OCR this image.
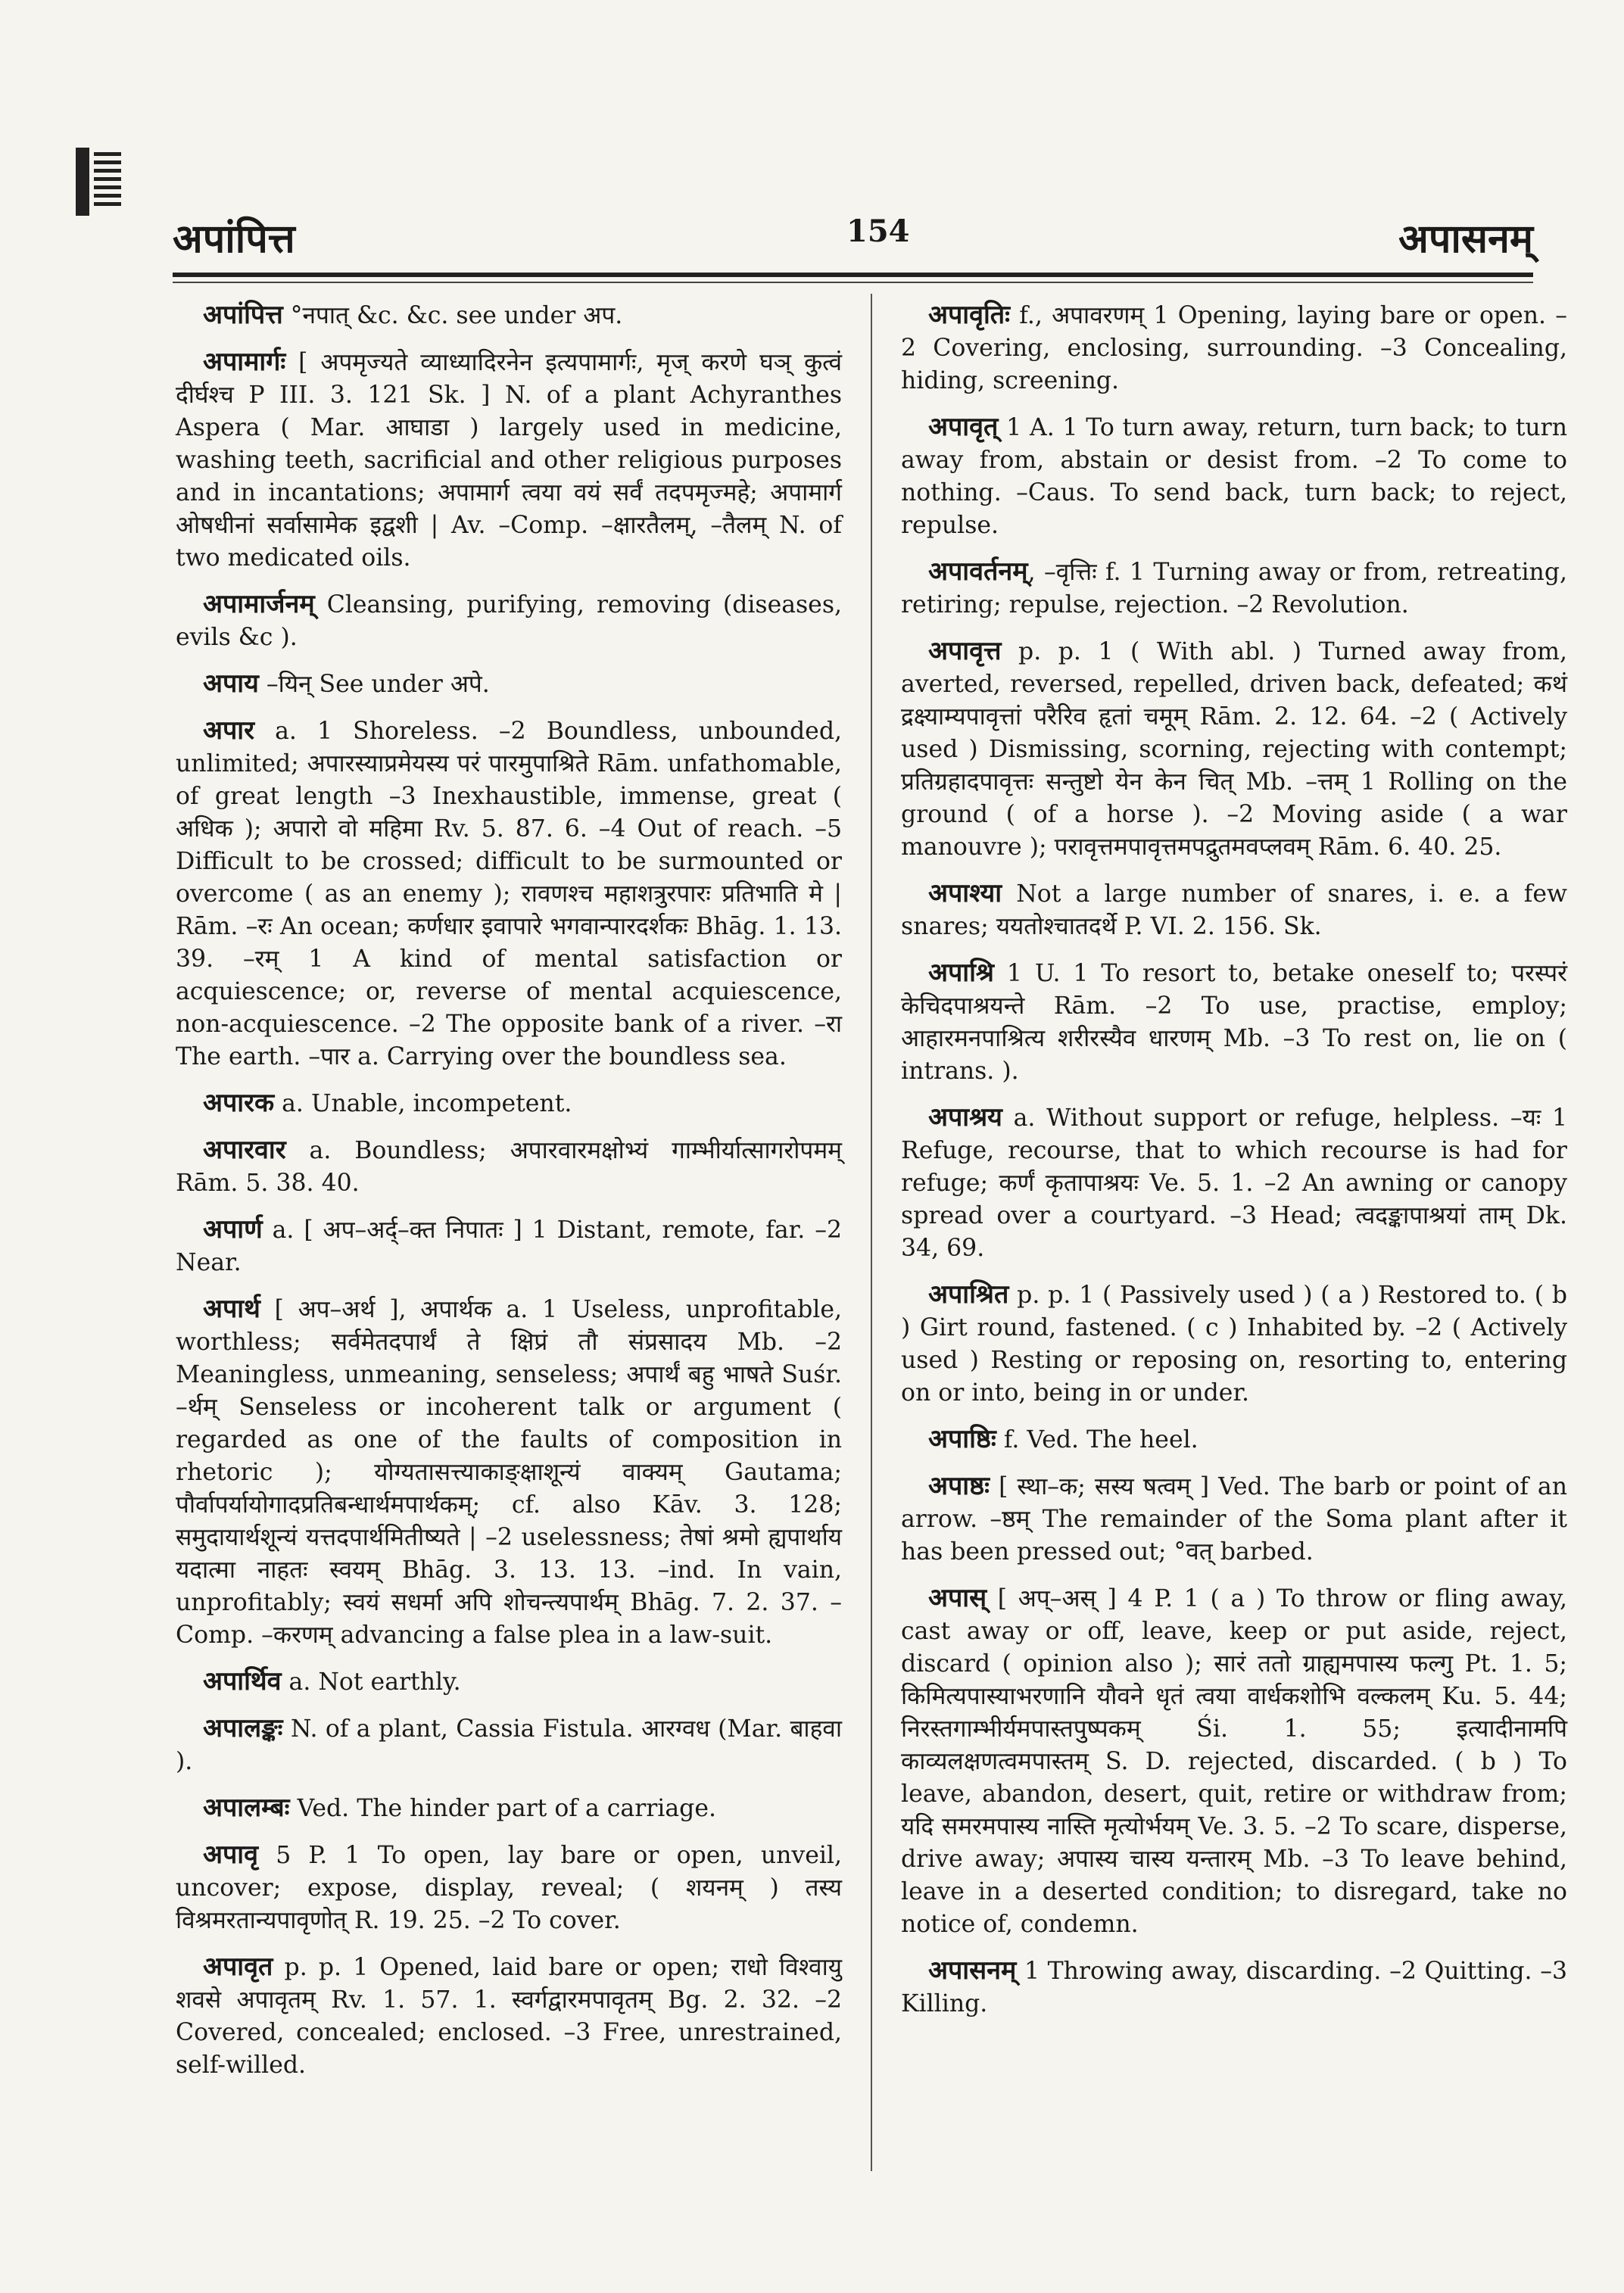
अपांपित्त	154	अपासनम्

अपांपित्त °नपात् &c. &c. see under अप.

अपामार्गः [ अपमृज्यते व्याध्यादिरनेन इत्यपामार्गः, मृज् करणे घञ् कुत्वं दीर्घश्च P III. 3. 121 Sk. ] N. of a plant Achyranthes Aspera ( Mar. आघाडा ) largely used in medicine, washing teeth, sacrificial and other religious purposes and in incantations; अपामार्ग त्वया वयं सर्वं तदपमृज्महे; अपामार्ग ओषधीनां सर्वासामेक इद्वशी | Av. –Comp. –क्षारतैलम्, –तैलम् N. of two medicated oils.

अपामार्जनम् Cleansing, purifying, removing (diseases, evils &c ).

अपाय –यिन् See under अपे.

अपार a. 1 Shoreless. –2 Boundless, unbounded, unlimited; अपारस्याप्रमेयस्य परं पारमुपाश्रिते Rām. unfathomable, of great length –3 Inexhaustible, immense, great ( अधिक ); अपारो वो महिमा Rv. 5. 87. 6. –4 Out of reach. –5 Difficult to be crossed; difficult to be surmounted or overcome ( as an enemy ); रावणश्च महाशत्रुरपारः प्रतिभाति मे | Rām. –रः An ocean; कर्णधार इवापारे भगवान्पारदर्शकः Bhāg. 1. 13. 39. –रम् 1 A kind of mental satisfaction or acquiescence; or, reverse of mental acquiescence, non-acquiescence. –2 The opposite bank of a river. –रा The earth. –पार a. Carrying over the boundless sea.

अपारक a. Unable, incompetent.

अपारवार a. Boundless; अपारवारमक्षोभ्यं गाम्भीर्यात्सागरोपमम् Rām. 5. 38. 40.

अपार्ण a. [ अप–अर्द्–क्त निपातः ] 1 Distant, remote, far. –2 Near.

अपार्थ [ अप–अर्थ ], अपार्थक a. 1 Useless, unprofitable, worthless; सर्वमेतदपार्थं ते क्षिप्रं तौ संप्रसादय Mb. –2 Meaningless, unmeaning, senseless; अपार्थं बहु भाषते Suśr. –र्थम् Senseless or incoherent talk or argument ( regarded as one of the faults of composition in rhetoric ); योग्यतासत्त्याकाङ्क्षाशून्यं वाक्यम् Gautama; पौर्वापर्यायोगादप्रतिबन्धार्थमपार्थकम्; cf. also Kāv. 3. 128; समुदायार्थशून्यं यत्तदपार्थमितीष्यते | –2 uselessness; तेषां श्रमो ह्यपार्थाय यदात्मा नाहतः स्वयम् Bhāg. 3. 13. 13. –ind. In vain, unprofitably; स्वयं सधर्मा अपि शोचन्त्यपार्थम् Bhāg. 7. 2. 37. –Comp. –करणम् advancing a false plea in a law-suit.

अपार्थिव a. Not earthly.

अपालङ्कः N. of a plant, Cassia Fistula. आरग्वध (Mar. बाहवा ).

अपालम्बः Ved. The hinder part of a carriage.

अपावृ 5 P. 1 To open, lay bare or open, unveil, uncover; expose, display, reveal; ( शयनम् ) तस्य विश्रमरतान्यपावृणोत् R. 19. 25. –2 To cover.

अपावृत p. p. 1 Opened, laid bare or open; राधो विश्वायु शवसे अपावृतम् Rv. 1. 57. 1. स्वर्गद्वारमपावृतम् Bg. 2. 32. –2 Covered, concealed; enclosed. –3 Free, unrestrained, self-willed.

अपावृतिः f., अपावरणम् 1 Opening, laying bare or open. –2 Covering, enclosing, surrounding. –3 Concealing, hiding, screening.

अपावृत् 1 A. 1 To turn away, return, turn back; to turn away from, abstain or desist from. –2 To come to nothing. –Caus. To send back, turn back; to reject, repulse.

अपावर्तनम्, –वृत्तिः f. 1 Turning away or from, retreating, retiring; repulse, rejection. –2 Revolution.

अपावृत्त p. p. 1 ( With abl. ) Turned away from, averted, reversed, repelled, driven back, defeated; कथं द्रक्ष्याम्यपावृत्तां परैरिव हृतां चमूम् Rām. 2. 12. 64. –2 ( Actively used ) Dismissing, scorning, rejecting with contempt; प्रतिग्रहादपावृत्तः सन्तुष्टो येन केन चित् Mb. –त्तम् 1 Rolling on the ground ( of a horse ). –2 Moving aside ( a war manouvre ); परावृत्तमपावृत्तमपद्रुतमवप्लवम् Rām. 6. 40. 25.

अपाश्या Not a large number of snares, i. e. a few snares; ययतोश्चातदर्थे P. VI. 2. 156. Sk.

अपाश्रि 1 U. 1 To resort to, betake oneself to; परस्परं केचिदपाश्रयन्ते Rām. –2 To use, practise, employ; आहारमनपाश्रित्य शरीरस्यैव धारणम् Mb. –3 To rest on, lie on ( intrans. ).

अपाश्रय a. Without support or refuge, helpless. –यः 1 Refuge, recourse, that to which recourse is had for refuge; कर्णं कृतापाश्रयः Ve. 5. 1. –2 An awning or canopy spread over a courtyard. –3 Head; त्वदङ्कापाश्रयां ताम् Dk. 34, 69.

अपाश्रित p. p. 1 ( Passively used ) ( a ) Restored to. ( b ) Girt round, fastened. ( c ) Inhabited by. –2 ( Actively used ) Resting or reposing on, resorting to, entering on or into, being in or under.

अपाष्ठिः f. Ved. The heel.

अपाष्ठः [ स्था–क; सस्य षत्वम् ] Ved. The barb or point of an arrow. –ष्ठम् The remainder of the Soma plant after it has been pressed out; °वत् barbed.

अपास् [ अप्–अस् ] 4 P. 1 ( a ) To throw or fling away, cast away or off, leave, keep or put aside, reject, discard ( opinion also ); सारं ततो ग्राह्यमपास्य फल्गु Pt. 1. 5; किमित्यपास्याभरणानि यौवने धृतं त्वया वार्धकशोभि वल्कलम् Ku. 5. 44; निरस्तगाम्भीर्यमपास्तपुष्पकम् Śi. 1. 55; इत्यादीनामपि काव्यलक्षणत्वमपास्तम् S. D. rejected, discarded. ( b ) To leave, abandon, desert, quit, retire or withdraw from; यदि समरमपास्य नास्ति मृत्योर्भयम् Ve. 3. 5. –2 To scare, disperse, drive away; अपास्य चास्य यन्तारम् Mb. –3 To leave behind, leave in a deserted condition; to disregard, take no notice of, condemn.

अपासनम् 1 Throwing away, discarding. –2 Quitting. –3 Killing.
